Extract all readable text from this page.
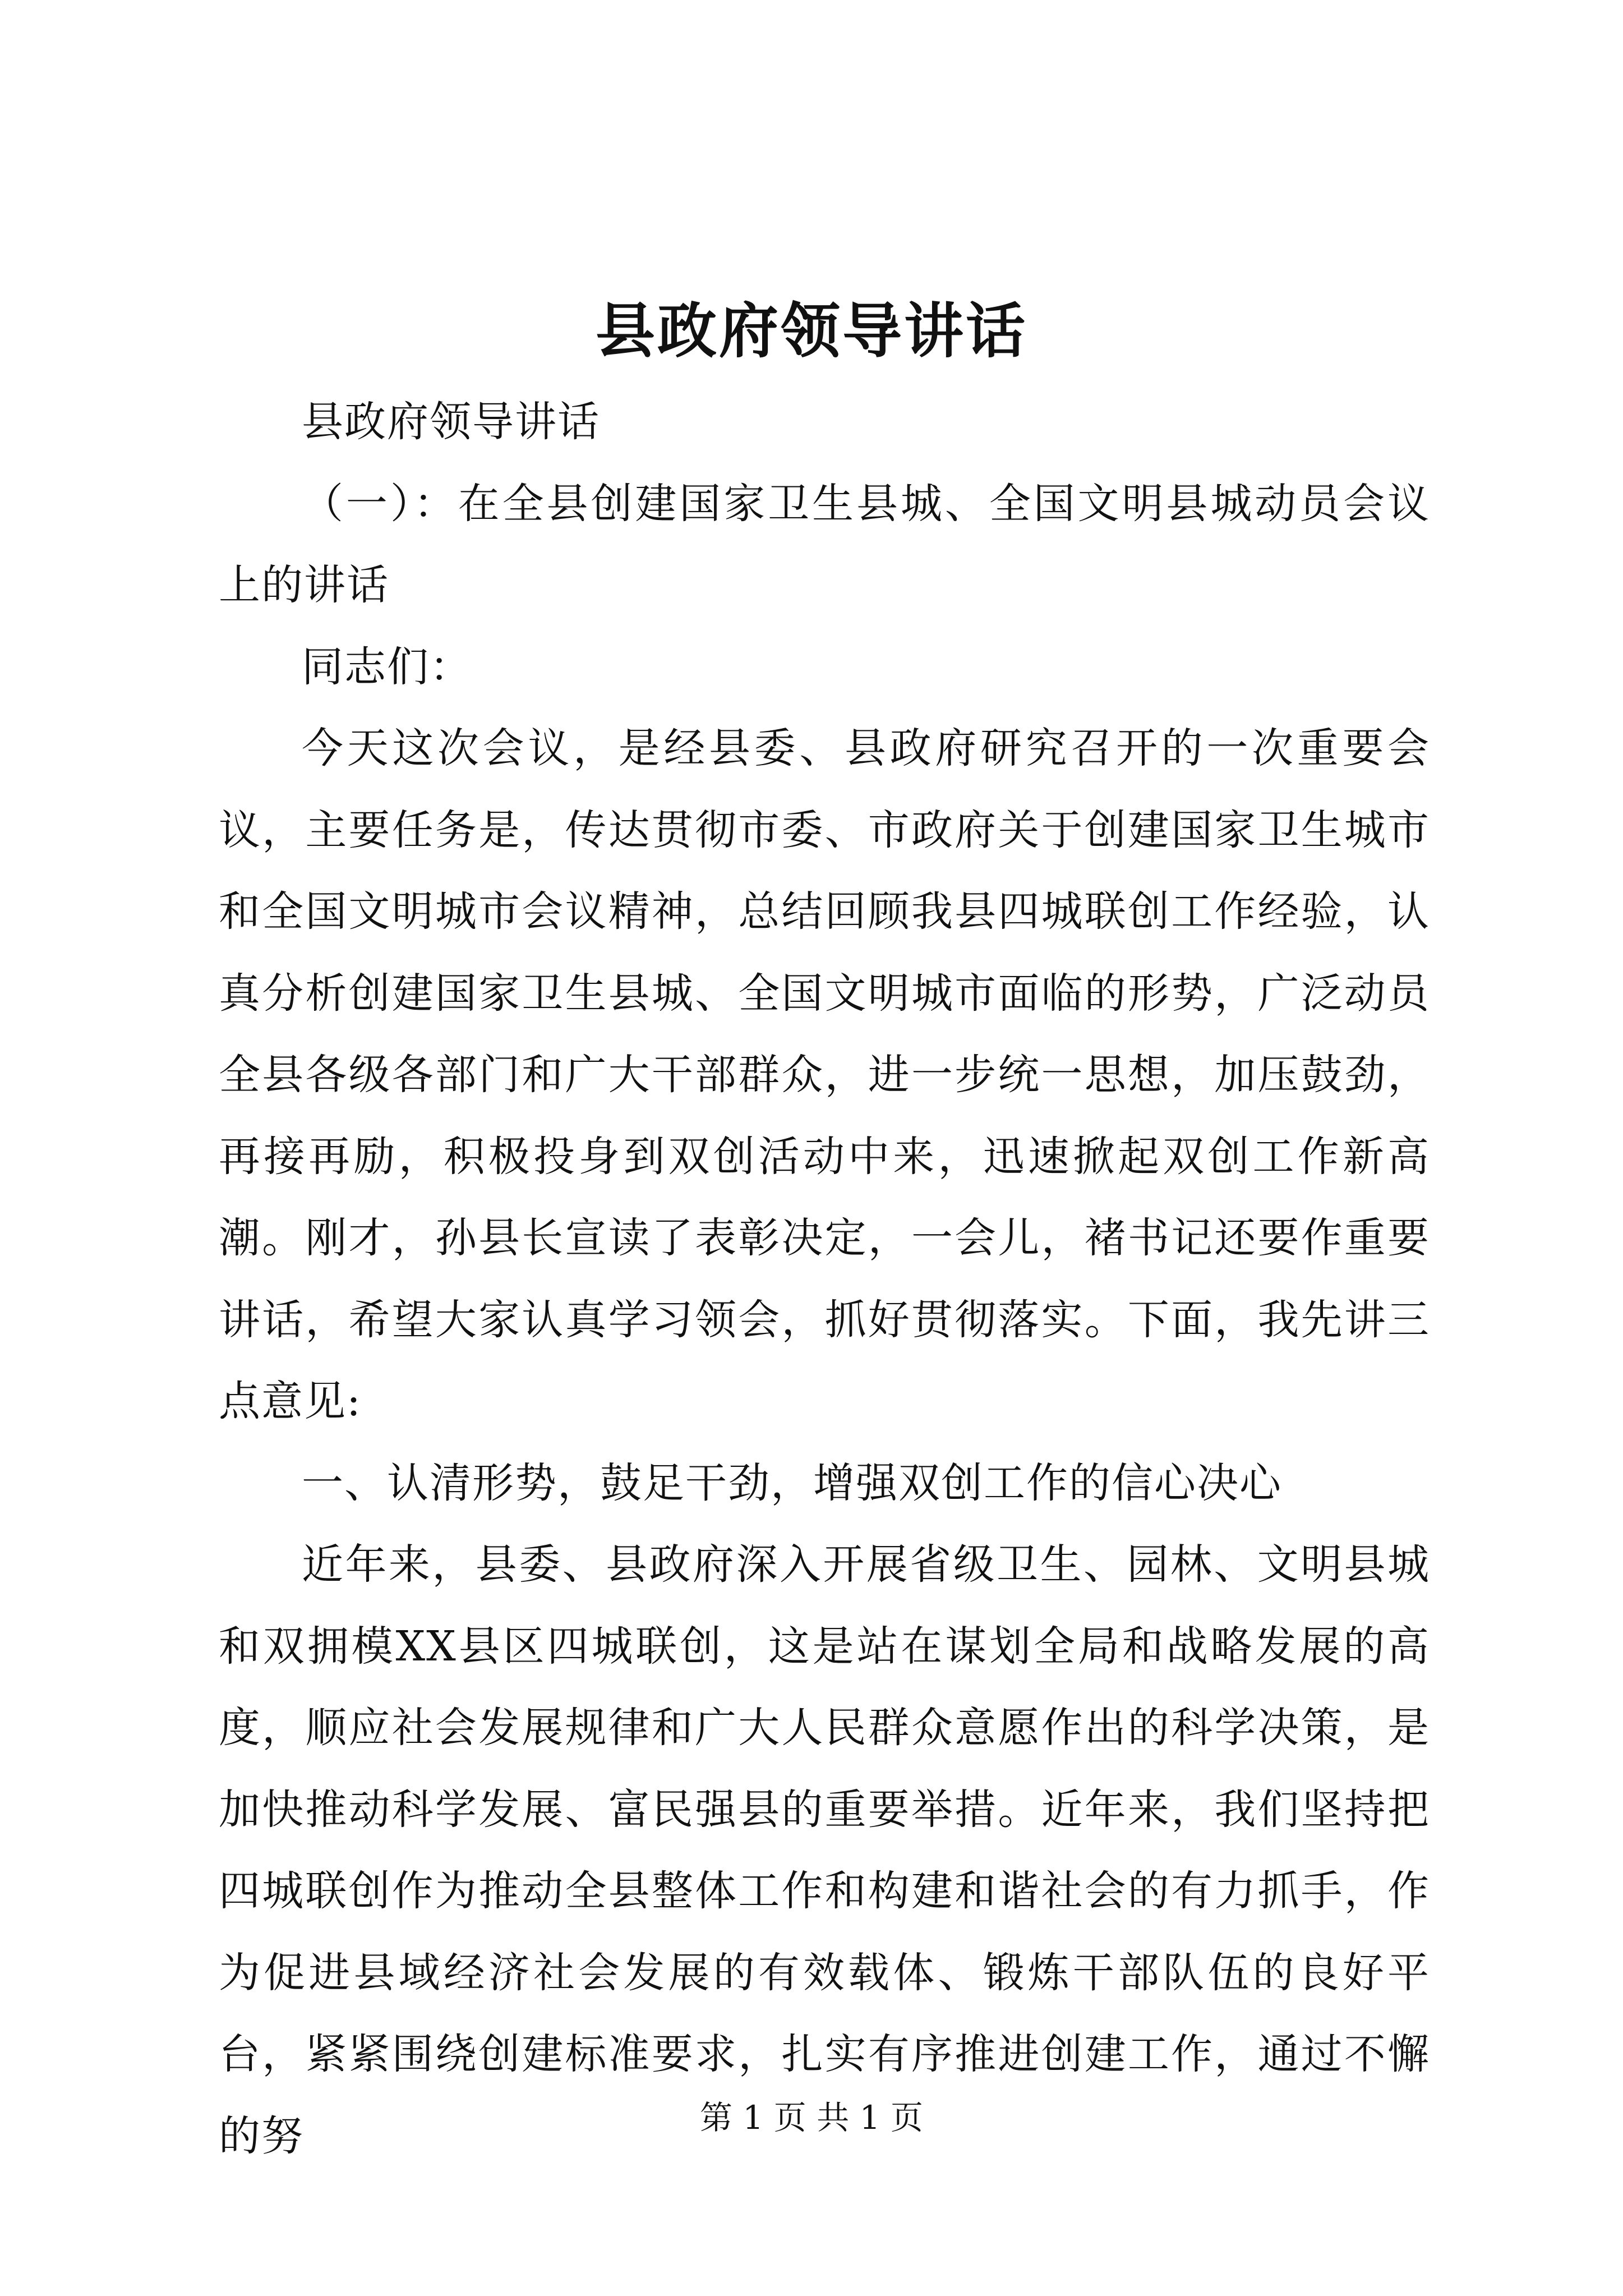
县政府领导讲话

县政府领导讲话

（一）：在全县创建国家卫生县城、全国文明县城动员会议上的讲话

同志们：

今天这次会议，是经县委、县政府研究召开的一次重要会议，主要任务是，传达贯彻市委、市政府关于创建国家卫生城市和全国文明城市会议精神，总结回顾我县四城联创工作经验，认真分析创建国家卫生县城、全国文明城市面临的形势，广泛动员全县各级各部门和广大干部群众，进一步统一思想，加压鼓劲，再接再励，积极投身到双创活动中来，迅速掀起双创工作新高潮。刚才，孙县长宣读了表彰决定，一会儿，褚书记还要作重要讲话，希望大家认真学习领会，抓好贯彻落实。下面，我先讲三点意见:

一、认清形势，鼓足干劲，增强双创工作的信心决心

近年来，县委、县政府深入开展省级卫生、园林、文明县城和双拥模XX县区四城联创，这是站在谋划全局和战略发展的高度，顺应社会发展规律和广大人民群众意愿作出的科学决策，是加快推动科学发展、富民强县的重要举措。近年来，我们坚持把四城联创作为推动全县整体工作和构建和谐社会的有力抓手，作为促进县域经济社会发展的有效载体、锻炼干部队伍的良好平台，紧紧围绕创建标准要求，扎实有序推进创建工作，通过不懈的努	第 1 页 共 1 页
